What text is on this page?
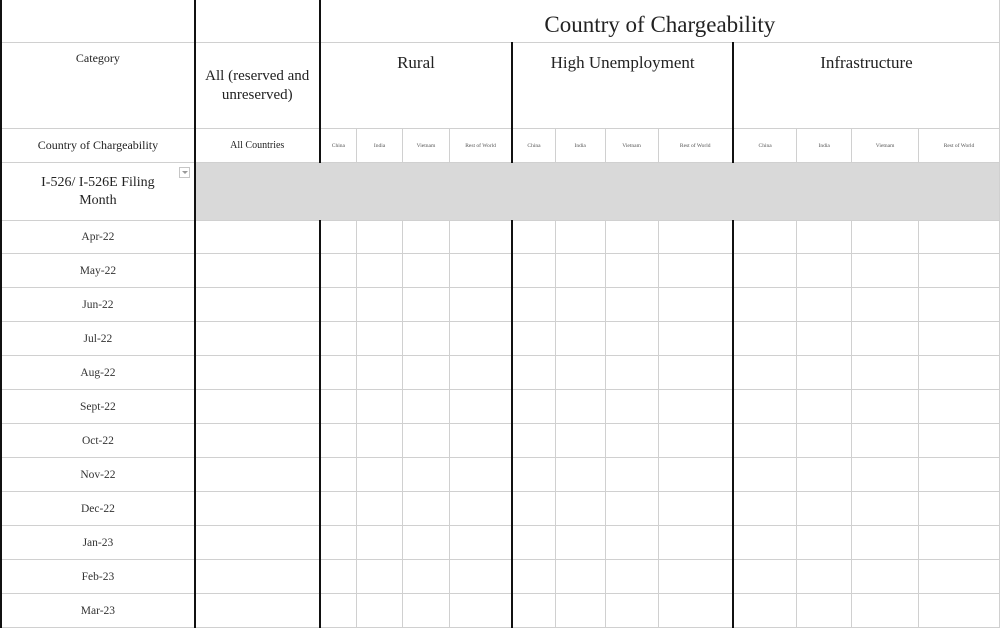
		Country of Chargeability											
Category	All (reserved and unreserved)	Rural				High Unemployment				Infrastructure			
Country of Chargeability	All Countries	China	India	Vietnam	Rest of World	China	India	Vietnam	Rest of World	China	India	Vietnam	Rest of World
I-526/ I-526E Filing Month												

Apr-22													
May-22													
Jun-22													
Jul-22													
Aug-22													
Sept-22													
Oct-22													
Nov-22													
Dec-22													
Jan-23													
Feb-23													
Mar-23													
